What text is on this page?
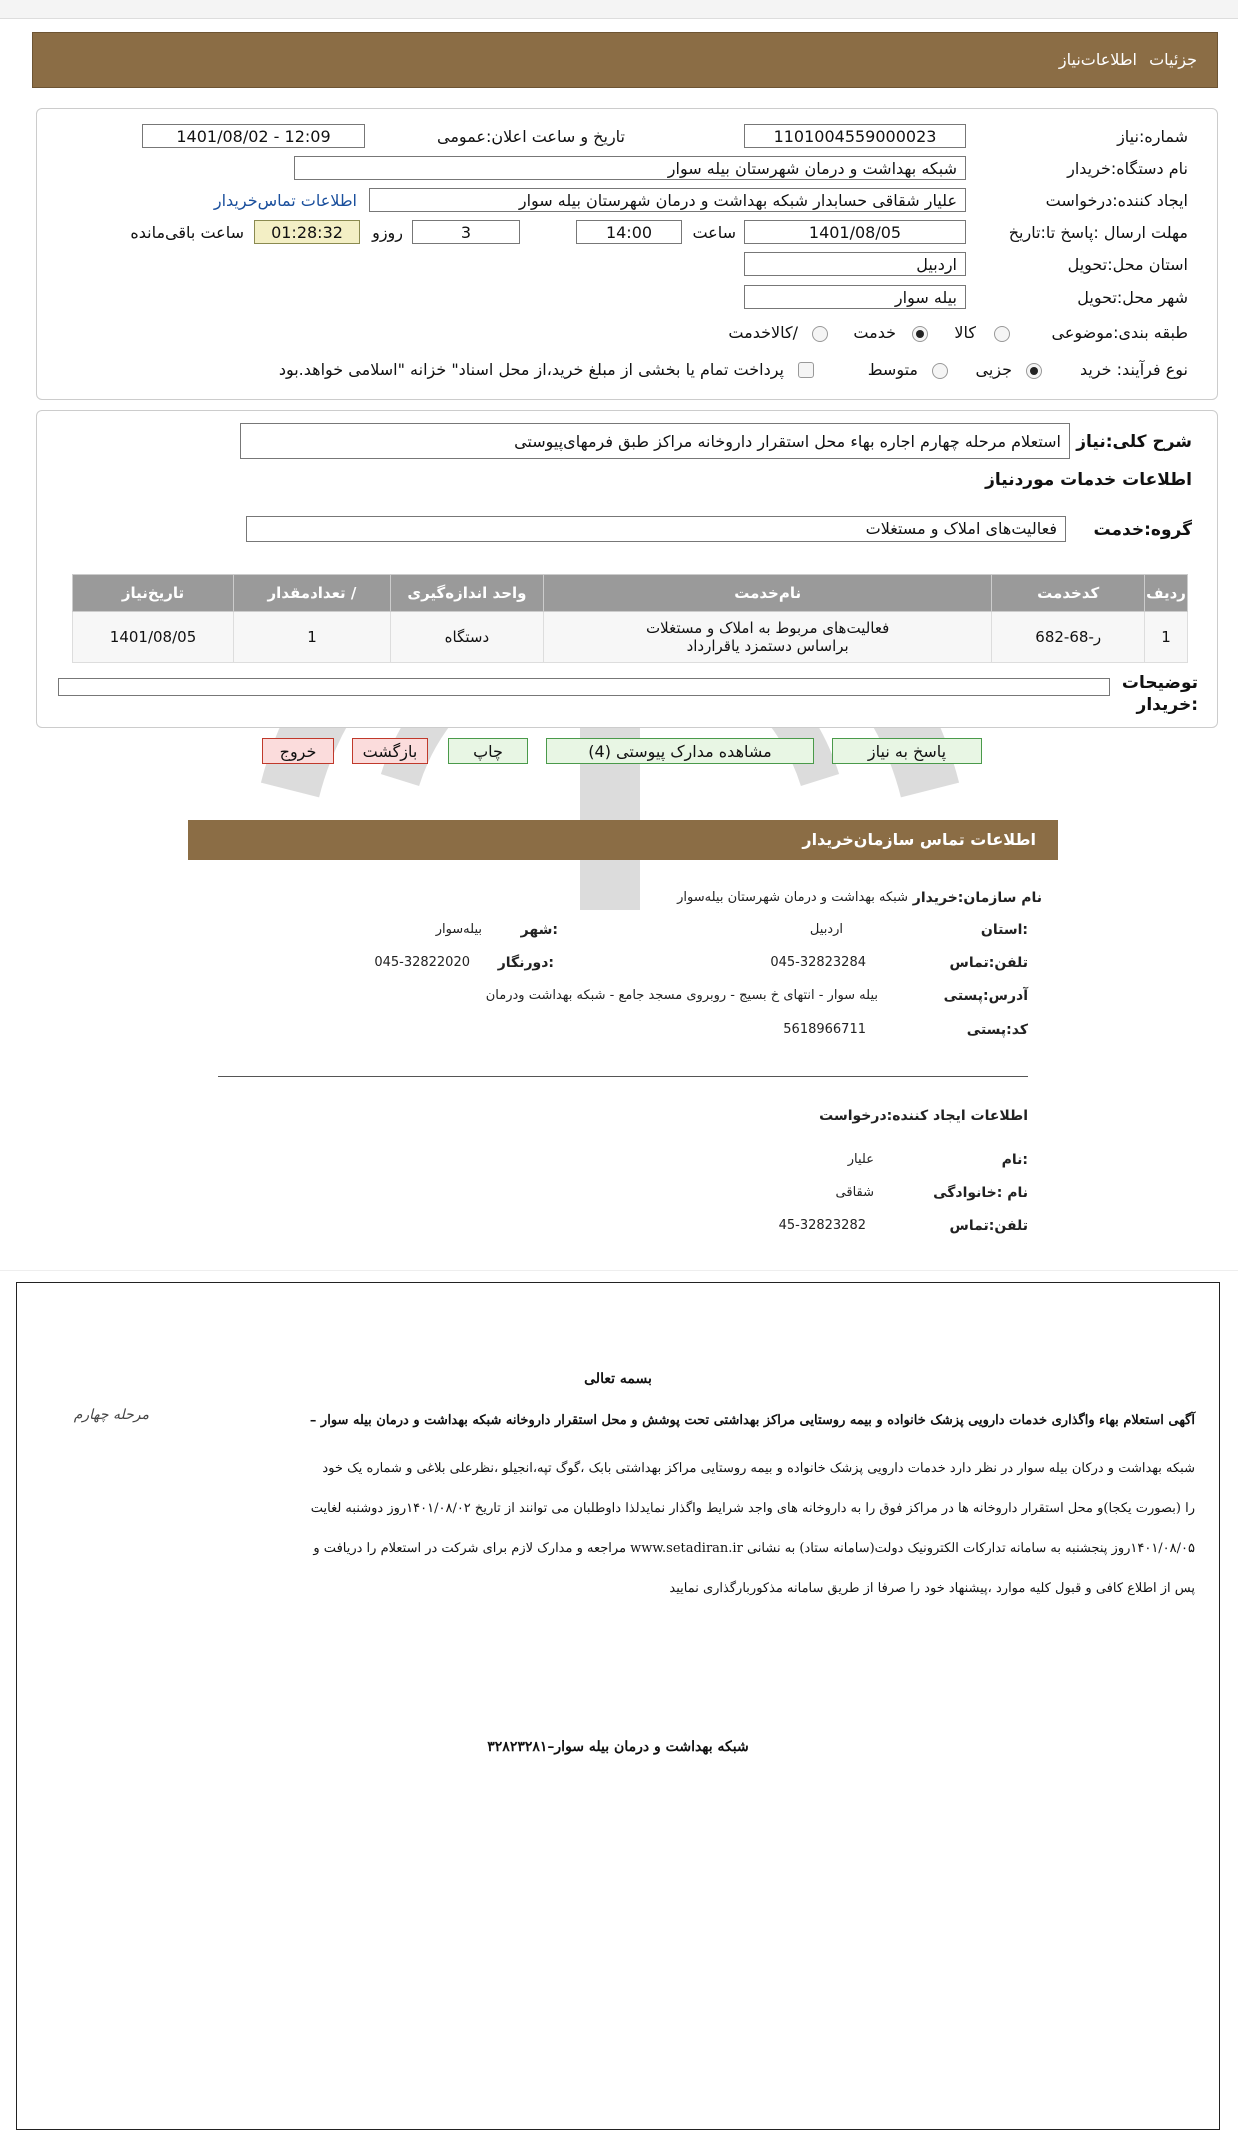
جزئیات
اطلاعات‌نیاز
شماره:نیاز
1101004559000023
تاریخ و ساعت اعلان:عمومی
1401/08/02 - 12:09
نام دستگاه:خریدار
شبکه بهداشت و درمان شهرستان بیله سوار
ایجاد کننده:درخواست
علیار شقاقی حسابدار شبکه بهداشت و درمان شهرستان بیله سوار
اطلاعات تماس‌خریدار
مهلت ارسال :پاسخ تا:تاریخ
1401/08/05
ساعت
14:00
3
روزو
01:28:32
ساعت باقی‌مانده
استان محل:تحویل
اردبیل
شهر محل:تحویل
بیله سوار
طبقه بندی:موضوعی
کالا
خدمت
/کالاخدمت
نوع فرآیند: خرید
جزیی
متوسط
پرداخت تمام یا بخشی از مبلغ خرید،از محل اسناد" خزانه "اسلامی خواهد.بود
شرح کلی:نیاز
استعلام مرحله چهارم اجاره بهاء محل استقرار داروخانه مراکز طبق فرمهای‌پیوستی
اطلاعات خدمات موردنیاز
گروه:خدمت
فعالیت‌های املاک و مستغلات
ردیف	کدخدمت	نام‌خدمت	واحد اندازه‌گیری	/ تعدادمقدار	تاریخ‌نیاز
1	ر-68-682	فعالیت‌های مربوط به املاک و مستغلات
براساس دستمزد یاقرارداد	دستگاه	1	1401/08/05
توضیحات :خریدار
پاسخ به نیاز
مشاهده مدارک پیوستی (4)
چاپ
بازگشت
خروج
اطلاعات تماس سازمان‌خریدار
نام سازمان:خریدار
شبکه بهداشت و درمان شهرستان بیله‌سوار
:استان
اردبیل
:شهر
بیله‌سوار
تلفن:تماس
045-32823284
:دورنگار
045-32822020
آدرس:پستی
بیله سوار - انتهای خ بسیج - روبروی مسجد جامع - شبکه بهداشت ودرمان
کد:پستی
5618966711
اطلاعات ایجاد کننده:درخواست
:نام
علیار
نام :خانوادگی
شقاقی
تلفن:تماس
45-32823282
بسمه تعالی
آگهی استعلام بهاء واگذاری خدمات دارویی پزشک خانواده و بیمه روستایی مراکز بهداشتی تحت پوشش و محل استقرار داروخانه شبکه بهداشت و درمان بیله سوار –
مرحله چهارم
شبکه بهداشت و درکان بیله سوار در نظر دارد خدمات دارویی پزشک خانواده و بیمه روستایی مراکز بهداشتی بابک ،گوگ تپه،انجیلو ،نظرعلی بلاغی و شماره یک خود
را (بصورت یکجا)و محل استقرار داروخانه ها در مراکز فوق را به داروخانه های واجد شرایط واگذار نمایدلذا داوطلبان می توانند از تاریخ ۱۴۰۱/۰۸/۰۲روز دوشنبه لغایت
۱۴۰۱/۰۸/۰۵روز پنجشنبه به سامانه تدارکات الکترونیک دولت(سامانه ستاد) به نشانی www.setadiran.ir مراجعه و مدارک لازم برای شرکت در استعلام را دریافت و
پس از اطلاع کافی و قبول کلیه موارد ،پیشنهاد خود را صرفا از طریق سامانه مذکوربارگذاری نمایید
شبکه بهداشت و درمان بیله سوار–۳۲۸۲۳۲۸۱
